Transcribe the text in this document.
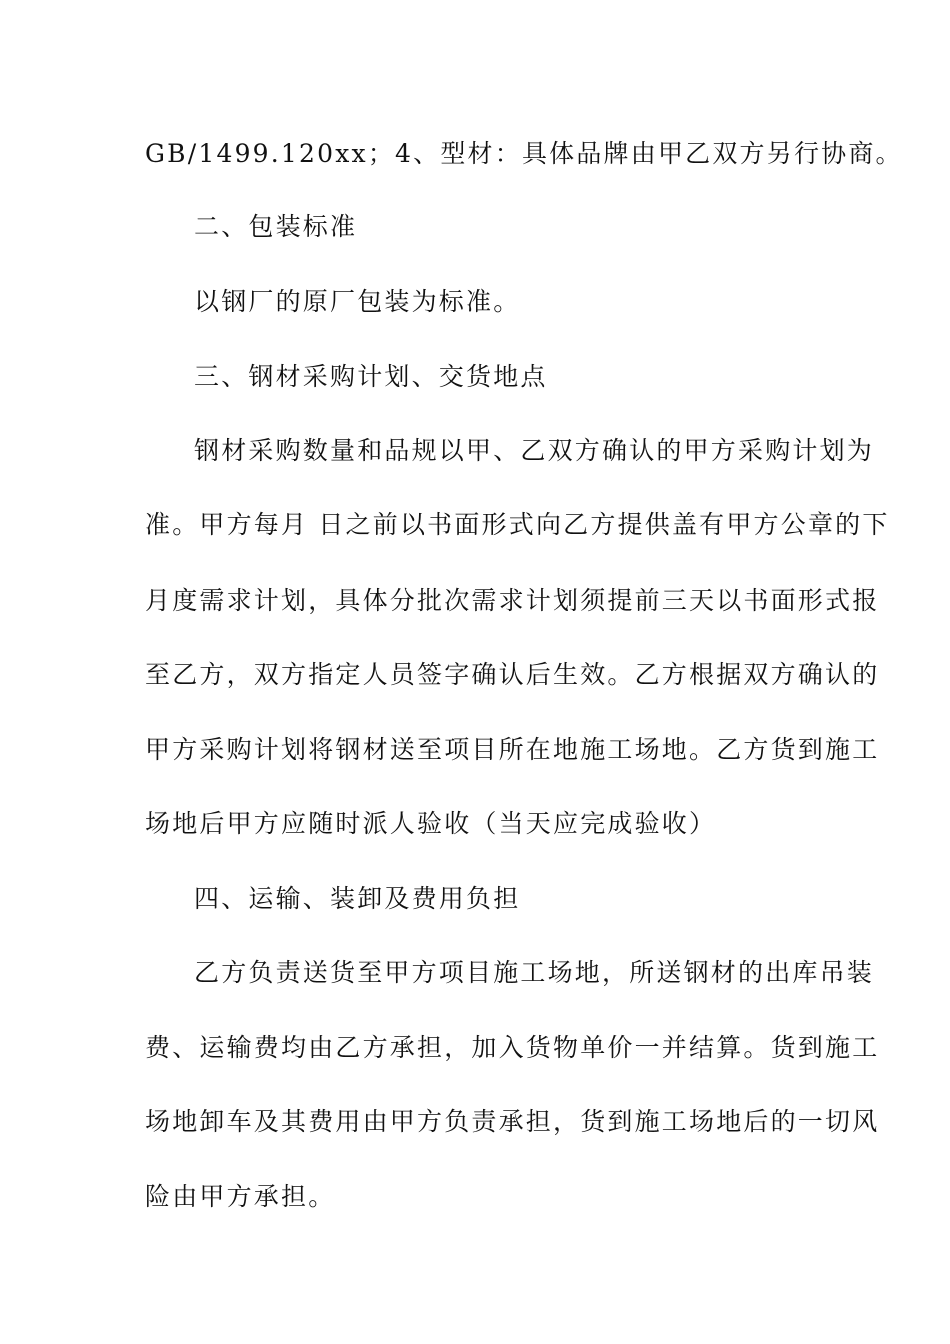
GB/1499.120xx；4、型材：具体品牌由甲乙双方另行协商。
二、包装标准
以钢厂的原厂包装为标准。
三、钢材采购计划、交货地点
钢材采购数量和品规以甲、乙双方确认的甲方采购计划为
准。甲方每月 日之前以书面形式向乙方提供盖有甲方公章的下
月度需求计划，具体分批次需求计划须提前三天以书面形式报
至乙方，双方指定人员签字确认后生效。乙方根据双方确认的
甲方采购计划将钢材送至项目所在地施工场地。乙方货到施工
场地后甲方应随时派人验收（当天应完成验收）
四、运输、装卸及费用负担
乙方负责送货至甲方项目施工场地，所送钢材的出库吊装
费、运输费均由乙方承担，加入货物单价一并结算。货到施工
场地卸车及其费用由甲方负责承担，货到施工场地后的一切风
险由甲方承担。
